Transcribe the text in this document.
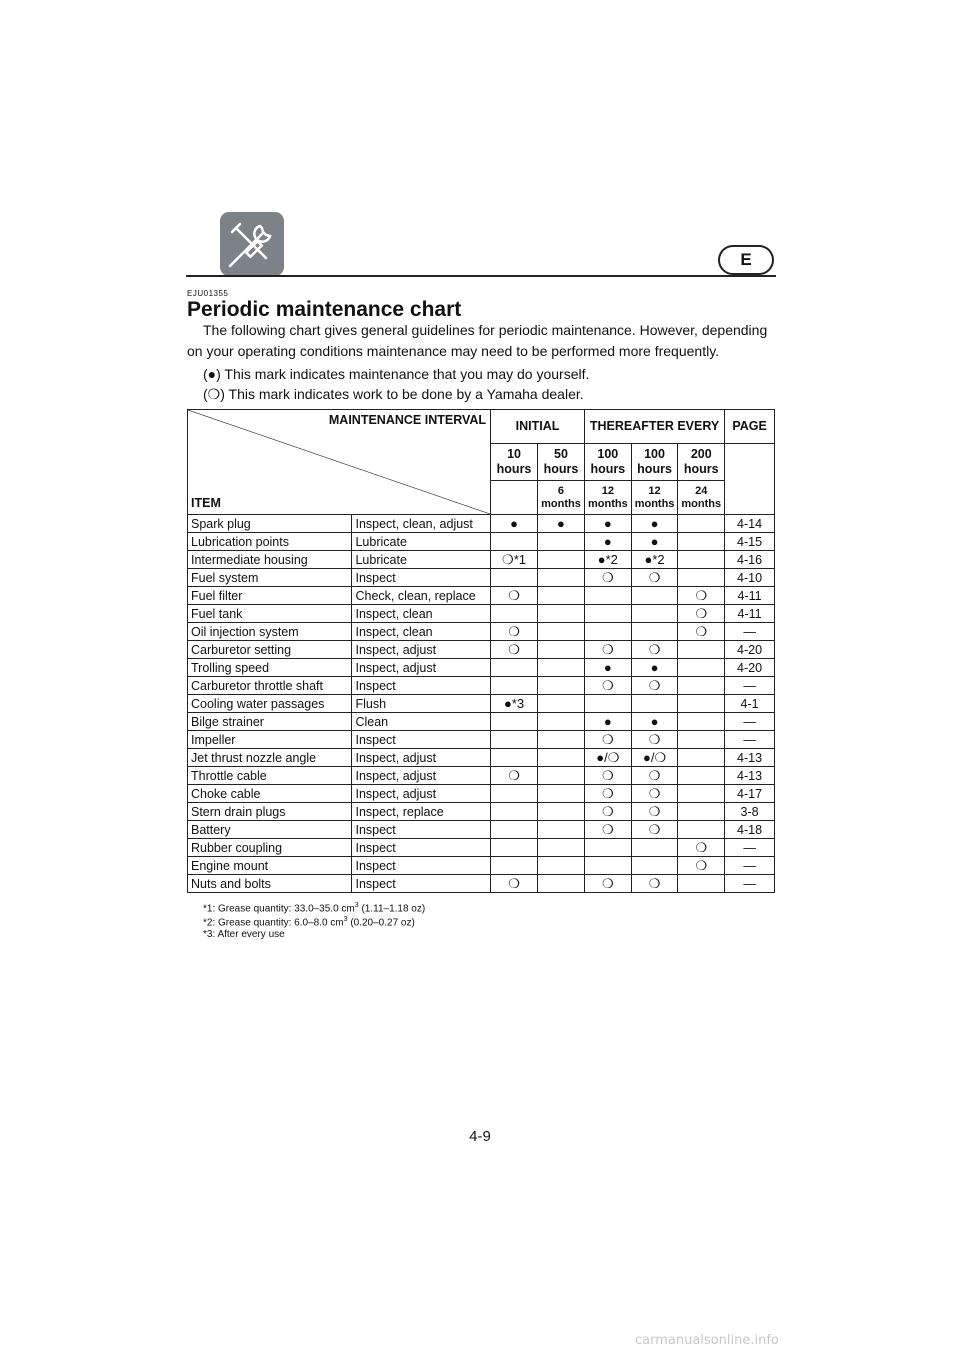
E
EJU01355
Periodic maintenance chart

The following chart gives general guidelines for periodic maintenance. However, depending on your operating conditions maintenance may need to be performed more frequently.

(●) This mark indicates maintenance that you may do yourself.

(❍) This mark indicates work to be done by a Yamaha dealer.

MAINTENANCE INTERVAL
ITEM		INITIAL		THEREAFTER EVERY			PAGE
		10 hours	50 hours	100 hours	100 hours	200 hours	
			6 months	12 months	12 months	24 months	
Spark plug	Inspect, clean, adjust	●	●	●	●		4-14
Lubrication points	Lubricate			●	●		4-15
Intermediate housing	Lubricate	❍*1		●*2	●*2		4-16
Fuel system	Inspect			❍	❍		4-10
Fuel filter	Check, clean, replace	❍				❍	4-11
Fuel tank	Inspect, clean					❍	4-11
Oil injection system	Inspect, clean	❍				❍	—
Carburetor setting	Inspect, adjust	❍		❍	❍		4-20
Trolling speed	Inspect, adjust			●	●		4-20
Carburetor throttle shaft	Inspect			❍	❍		—
Cooling water passages	Flush	●*3					4-1
Bilge strainer	Clean			●	●		—
Impeller	Inspect			❍	❍		—
Jet thrust nozzle angle	Inspect, adjust			●/❍	●/❍		4-13
Throttle cable	Inspect, adjust	❍		❍	❍		4-13
Choke cable	Inspect, adjust			❍	❍		4-17
Stern drain plugs	Inspect, replace			❍	❍		3-8
Battery	Inspect			❍	❍		4-18
Rubber coupling	Inspect					❍	—
Engine mount	Inspect					❍	—
Nuts and bolts	Inspect	❍		❍	❍		—
*1: Grease quantity: 33.0–35.0 $cm^3$ (1.11–1.18 oz)
*2: Grease quantity: 6.0–8.0 $cm^3$ (0.20–0.27 oz)
*3: After every use
4-9
carmanualsonline.info
